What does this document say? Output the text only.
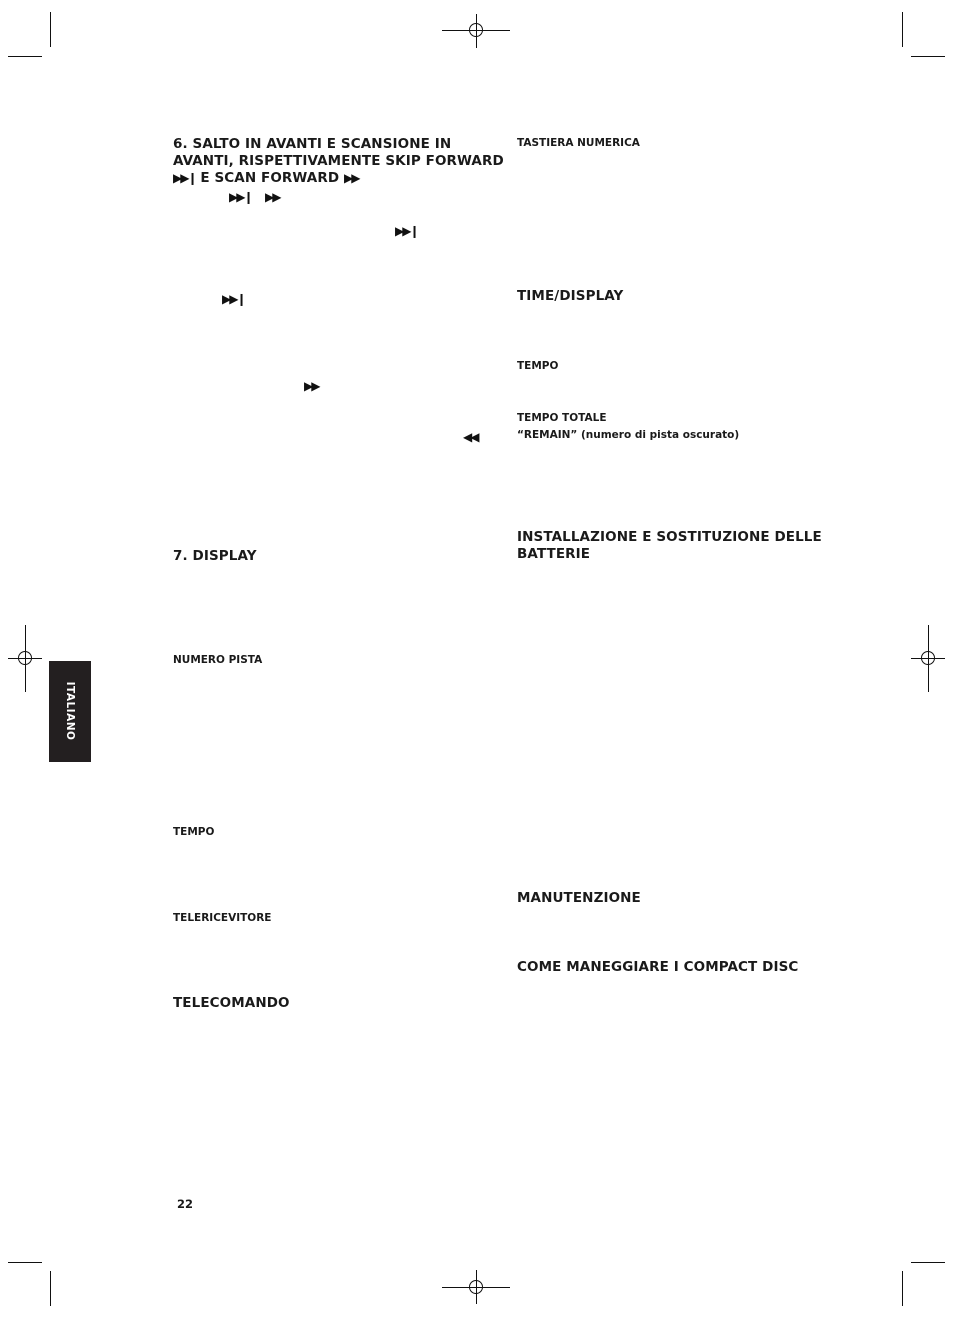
ITALIANO
6. SALTO IN AVANTI E SCANSIONE IN
AVANTI, RISPETTIVAMENTE SKIP FORWARD
▶▶❙ E SCAN FORWARD ▶▶
▶▶❙ ▶▶
▶▶❙
▶▶❙
▶▶
◀◀
7. DISPLAY
NUMERO PISTA
TEMPO
TELERICEVITORE
TELECOMANDO
TASTIERA NUMERICA
TIME/DISPLAY
TEMPO
TEMPO TOTALE
“REMAIN” (numero di pista oscurato)
INSTALLAZIONE E SOSTITUZIONE DELLE
BATTERIE
MANUTENZIONE
COME MANEGGIARE I COMPACT DISC
22
